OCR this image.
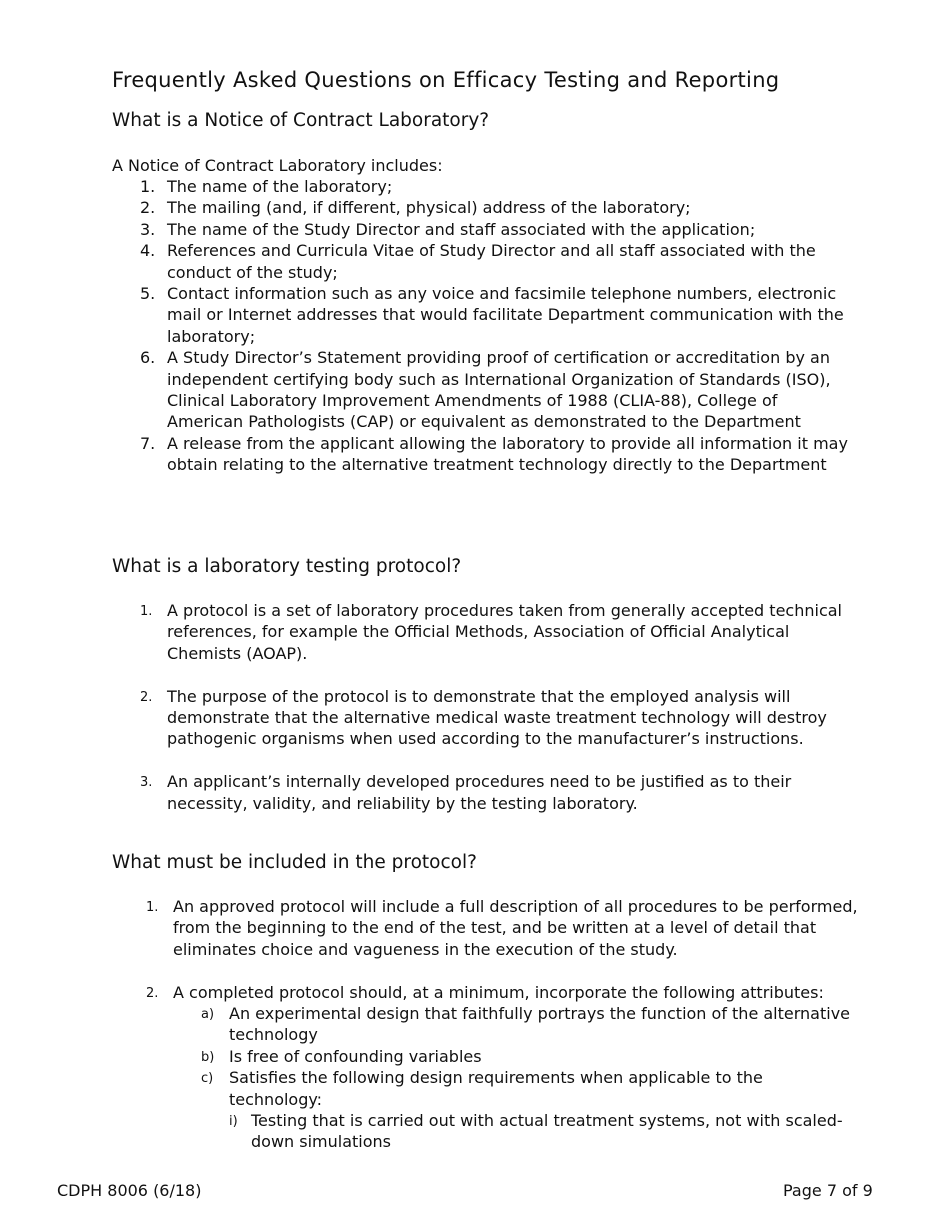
Frequently Asked Questions on Efficacy Testing and Reporting
What is a Notice of Contract Laboratory?
A Notice of Contract Laboratory includes:
1. The name of the laboratory;
2. The mailing (and, if different, physical) address of the laboratory;
3. The name of the Study Director and staff associated with the application;
4. References and Curricula Vitae of Study Director and all staff associated with the conduct of the study;
5. Contact information such as any voice and facsimile telephone numbers, electronic mail or Internet addresses that would facilitate Department communication with the laboratory;
6. A Study Director’s Statement providing proof of certification or accreditation by an independent certifying body such as International Organization of Standards (ISO), Clinical Laboratory Improvement Amendments of 1988 (CLIA-88), College of American Pathologists (CAP) or equivalent as demonstrated to the Department
7. A release from the applicant allowing the laboratory to provide all information it may obtain relating to the alternative treatment technology directly to the Department
What is a laboratory testing protocol?
1. A protocol is a set of laboratory procedures taken from generally accepted technical references, for example the Official Methods, Association of Official Analytical Chemists (AOAP).
2. The purpose of the protocol is to demonstrate that the employed analysis will demonstrate that the alternative medical waste treatment technology will destroy pathogenic organisms when used according to the manufacturer’s instructions.
3. An applicant’s internally developed procedures need to be justified as to their necessity, validity, and reliability by the testing laboratory.
What must be included in the protocol?
1. An approved protocol will include a full description of all procedures to be performed, from the beginning to the end of the test, and be written at a level of detail that eliminates choice and vagueness in the execution of the study.
2. A completed protocol should, at a minimum, incorporate the following attributes:
a) An experimental design that faithfully portrays the function of the alternative technology
b) Is free of confounding variables
c) Satisfies the following design requirements when applicable to the technology:
i) Testing that is carried out with actual treatment systems, not with scaled-down simulations
CDPH 8006 (6/18)	Page 7 of 9
